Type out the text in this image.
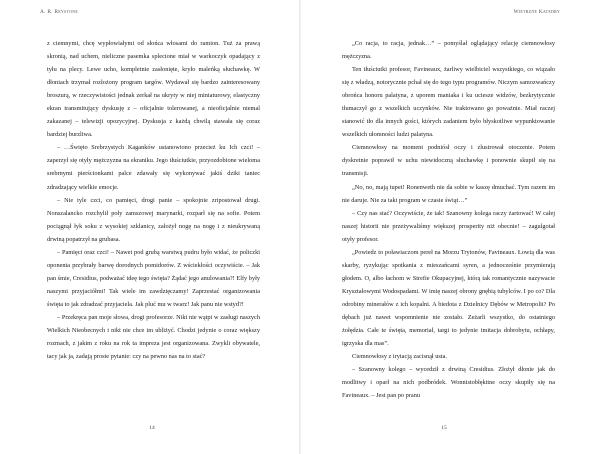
A. R. Reystone

z ciemnymi, chcę wypłowiałymi od słońca włosami do ramion. Tuż za prawą skronią, nad uchem, nieliczne pasemka splecione miał w warkoczyk opadający z tyłu na plecy. Lewe ucho, kompletnie zasłonięte, kryło maleńką słuchawkę. W dłoniach trzymał rozłożony program targów. Wydawał się bardzo zainteresowany broszurą, w rzeczywistości jednak zerkał na ukryty w niej miniaturowy, elastyczny ekran transmitujący dyskusję z – oficjalnie tolerowanej, a nieoficjalnie niemal zakazanej – telewizji opozycyjnej. Dyskusja z każdą chwilą stawała się coraz bardziej burzliwa.

– …Święto Srebrzystych Kaganków ustanowiono przecież ku Ich czci! – zaperzył się otyły mężczyzna na ekraniku. Jego tłuściutkie, przyozdobione wieloma srebrnymi pierścionkami palce zdawały się wykonywać jakiś dziki taniec zdradzający wielkie emocje.

– Nie tyle czci, co pamięci, drogi panie – spokojnie zripostował drugi. Nonszalancko rozchylił poły zamszowej marynarki, rozparł się na sofie. Potem pociągnął łyk soku z wysokiej szklanicy, założył nogę na nogę i z nieukrywaną drwiną popatrzył na grubasa.

– Pamięci oraz czci! – Nawet pod grubą warstwą pudru było widać, że policzki oponenta przybrały barwę dorodnych pomidorów. Z wściekłości oczywiście. – Jak pan śmie, Cresidius, podważać ideę tego święta? Żądać jego anulowania?! Elfy były naszymi przyjaciółmi! Tak wiele im zawdzięczamy! Zaprzestać organizowania święta to jak zdradzać przyjaciela. Jak pluć mu w twarz! Jak panu nie wstyd?!

– Przekręca pan moje słowa, drogi profesorze. Nikt nie wątpi w zasługi naszych Wielkich Nieobecnych i nikt nie chce im ubliżyć. Chodzi jedynie o coraz większy rozmach, z jakim z roku na rok ta impreza jest organizowana. Zwykli obywatele, tacy jak ja, zadają proste pytanie: czy na pewno nas na to stać?

14
Wietrzne Katedry

„Co racja, to racja, jednak…” – pomyślał oglądający relację ciemnowłosy mężczyzna.

Ten tłuściutki profesor, Favineaux, żarliwy wielbiciel wszystkiego, co wiązało się z władzą, notorycznie pchał się do tego typu programów. Niczym samozwańczy obrońca honoru palatyna, z uporem maniaka i ku uciesze widzów, bezkrytycznie tłumaczył go z wszelkich uczynków. Nie traktowano go poważnie. Miał raczej stanowić tło dla innych gości, których zadaniem było błyskotliwe wypunktowanie wszelkich ułomności ludzi palatyna.

Ciemnowłosy na moment podniósł oczy i zlustrował otoczenie. Potem dyskretnie poprawił w uchu niewidoczną słuchawkę i ponownie skupił się na transmisji.

„No, no, mają tupet! Ronenweth nie da sobie w kaszę dmuchać. Tym razem im nie daruje. Nie za taki program w czasie świąt…”

– Czy nas stać? Oczywiście, że tak! Szanowny kolega raczy żartować! W całej naszej historii nie przeżywaliśmy większej prosperity niż obecnie! – zagulgotał otyły profesor.

„Powiedz to poławiaczom pereł na Morzu Trytonów, Favineaux. Łowią dla was skarby, ryzykując spotkania z mieszańcami syren, a jednocześnie przymierają głodem. O, albo łachom w Strefie Okupacyjnej, którą tak romantycznie nazywacie Kryształowymi Wodospadami. W imię naszej obrony gnębią tubylców. I po co? Dla odrobiny minerałów z ich kopalni. A biedota z Dzielnicy Dębów w Metropolii? Po dębach już nawet wspomnienie nie zostało. Zeżarli wszystko, do ostatniego żołędzia. Całe te święta, memoriał, targi to jedynie imitacja dobrobytu, ochłapy, igrzyska dla mas”.

Ciemnowłosy z irytacją zacisnął usta.

– Szanowny kolego – wycedził z drwiną Cresidius. Złożył dłonie jak do modlitwy i oparł na nich podbródek. Wonnistobłękitne oczy skupiły się na Favineaux. – Jest pan po pranu

15
